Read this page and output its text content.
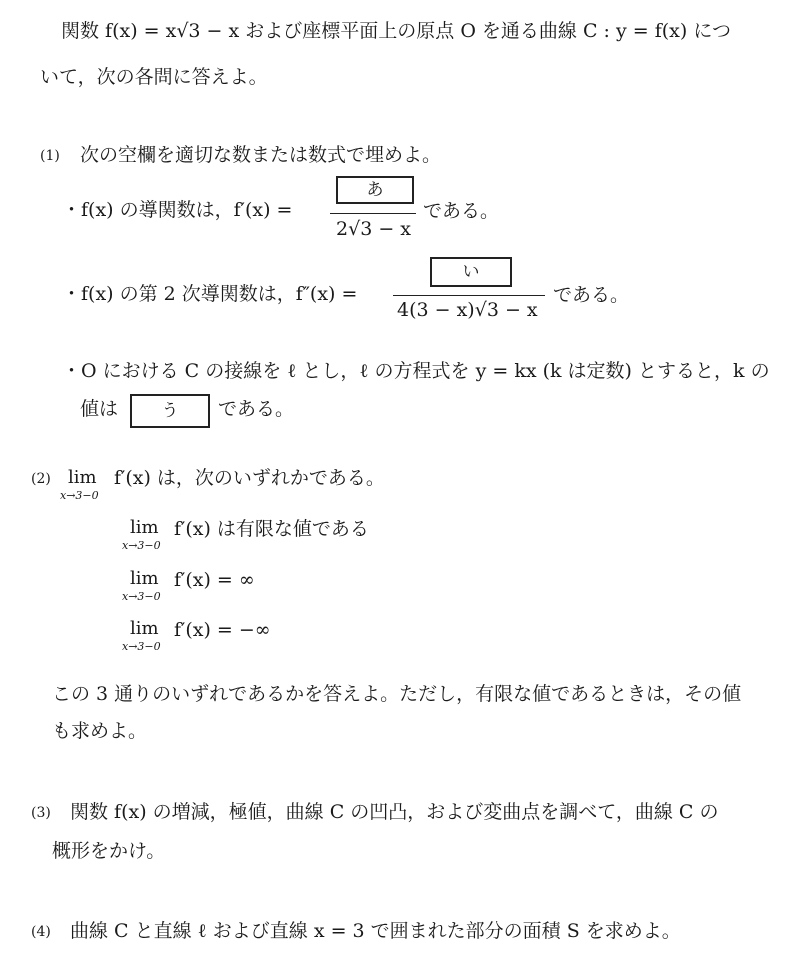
　関数 f(x) = x√3 − x および座標平面上の原点 O を通る曲線 C : y = f(x) につ
いて，次の各問に答えよ。
(1) 次の空欄を適切な数または数式で埋めよ。
・f(x) の導関数は，f′(x) =
あ
2√3 − x
である。
・f(x) の第 2 次導関数は，f″(x) =
い
4(3 − x)√3 − x
である。
・O における C の接線を ℓ とし，ℓ の方程式を y = kx (k は定数) とすると，k の
値は	う	である。
(2) lim
x→3−0
f′(x) は，次のいずれかである。
lim
x→3−0
f′(x) は有限な値である
lim
x→3−0
f′(x) = ∞
lim
x→3−0
f′(x) = −∞
この 3 通りのいずれであるかを答えよ。ただし，有限な値であるときは，その値
も求めよ。
(3) 関数 f(x) の増減，極値，曲線 C の凹凸，および変曲点を調べて，曲線 C の
概形をかけ。
(4) 曲線 C と直線 ℓ および直線 x = 3 で囲まれた部分の面積 S を求めよ。
